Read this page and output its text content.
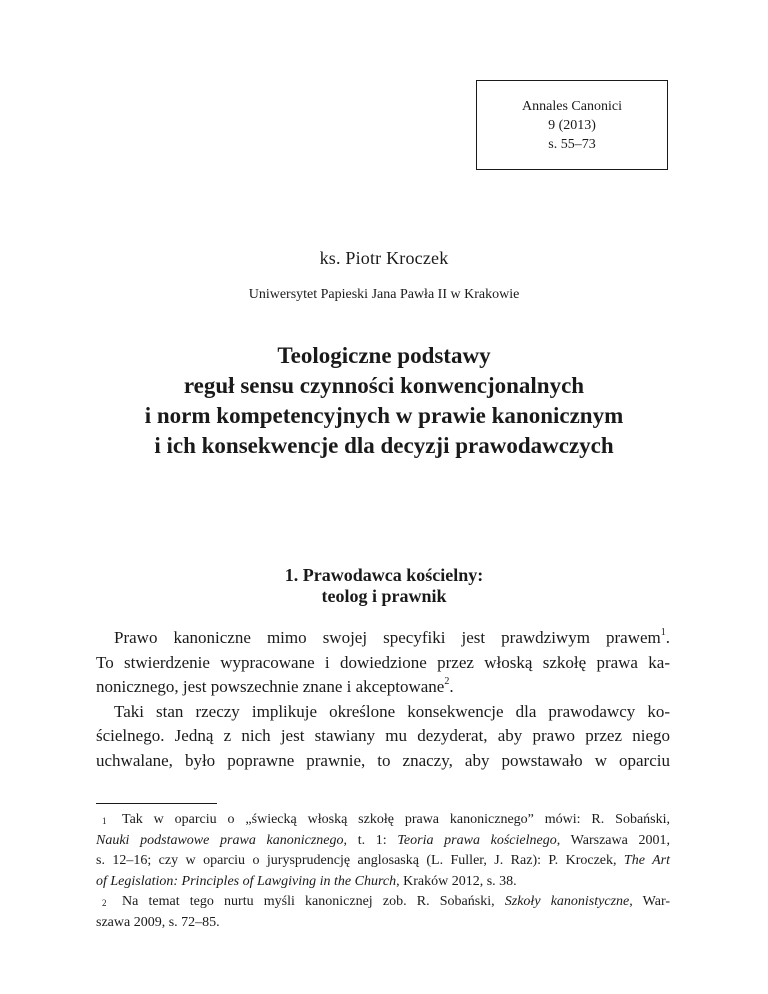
Annales Canonici
9 (2013)
s. 55–73
ks. Piotr Kroczek
Uniwersytet Papieski Jana Pawła II w Krakowie
Teologiczne podstawy
reguł sensu czynności konwencjonalnych
i norm kompetencyjnych w prawie kanonicznym
i ich konsekwencje dla decyzji prawodawczych
1. Prawodawca kościelny:
teolog i prawnik
Prawo kanoniczne mimo swojej specyfiki jest prawdziwym prawem$^1$.
To stwierdzenie wypracowane i dowiedzione przez włoską szkołę prawa ka-
nonicznego, jest powszechnie znane i akceptowane$^2$.
Taki stan rzeczy implikuje określone konsekwencje dla prawodawcy ko-
ścielnego. Jedną z nich jest stawiany mu dezyderat, aby prawo przez niego
uchwalane, było poprawne prawnie, to znaczy, aby powstawało w oparciu
1 Tak w oparciu o „świecką włoską szkołę prawa kanonicznego” mówi: R. Sobański,
Nauki podstawowe prawa kanonicznego, t. 1: Teoria prawa kościelnego, Warszawa 2001,
s. 12–16; czy w oparciu o jurysprudencję anglosaską (L. Fuller, J. Raz): P. Kroczek, The Art
of Legislation: Principles of Lawgiving in the Church, Kraków 2012, s. 38.
2 Na temat tego nurtu myśli kanonicznej zob. R. Sobański, Szkoły kanonistyczne, War-
szawa 2009, s. 72–85.
